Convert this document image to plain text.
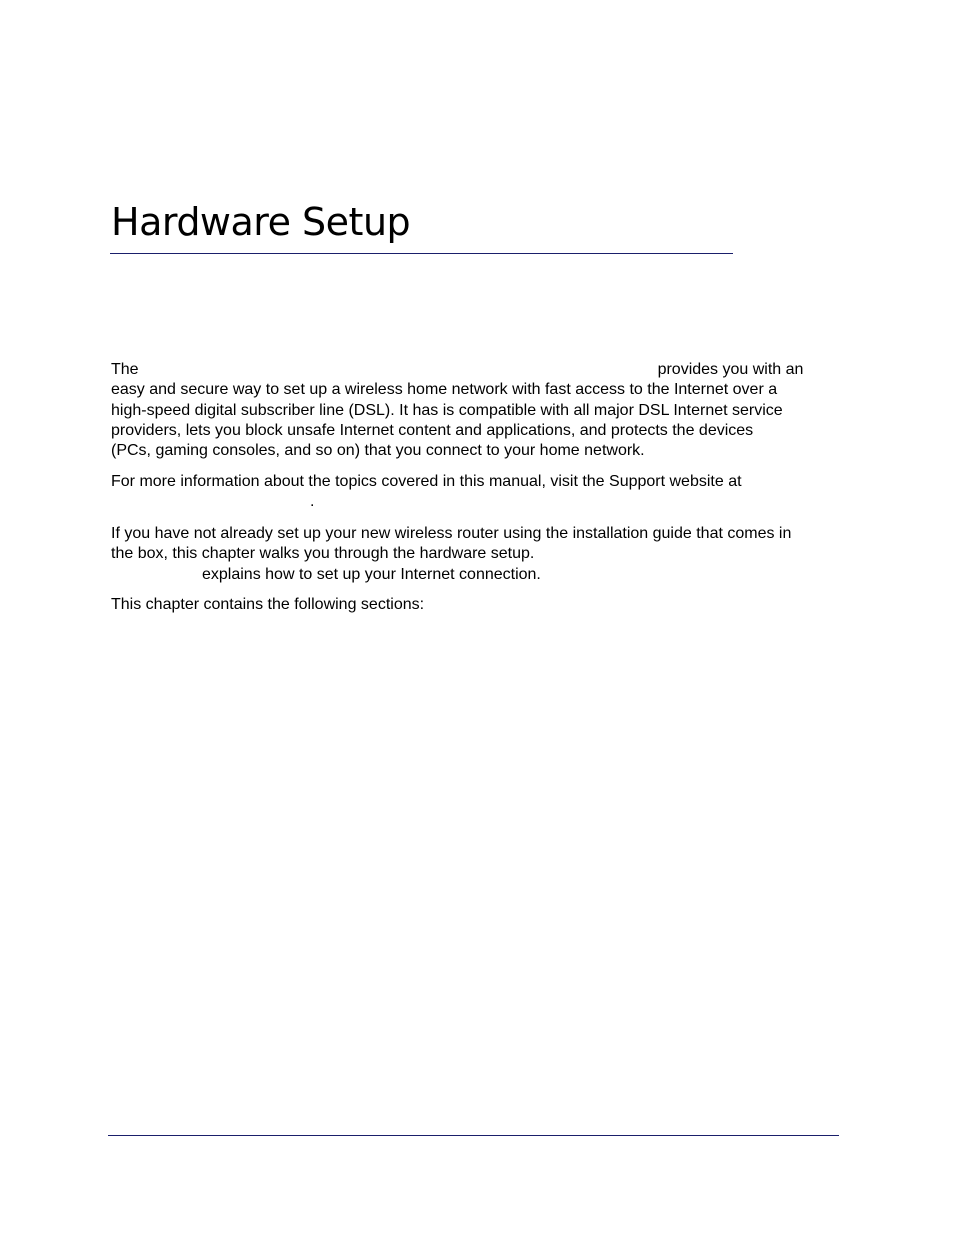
Hardware Setup

The	provides you with an

easy and secure way to set up a wireless home network with fast access to the Internet over a

high-speed digital subscriber line (DSL). It has is compatible with all major DSL Internet service

providers, lets you block unsafe Internet content and applications, and protects the devices

(PCs, gaming consoles, and so on) that you connect to your home network.

For more information about the topics covered in this manual, visit the Support website at

.

If you have not already set up your new wireless router using the installation guide that comes in

the box, this chapter walks you through the hardware setup.

explains how to set up your Internet connection.

This chapter contains the following sections:
